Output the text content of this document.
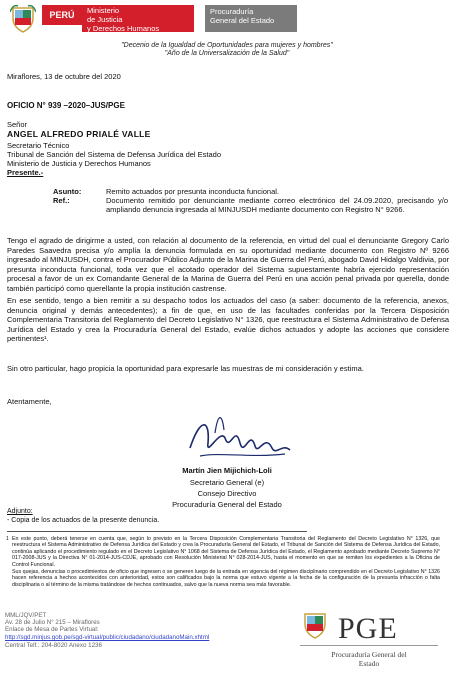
PERÚ	Ministerio
de Justicia
y Derechos Humanos
Procuraduría
General del Estado
"Decenio de la Igualdad de Oportunidades para mujeres y hombres"
"Año de la Universalización de la Salud"
Miraflores, 13 de octubre del 2020
OFICIO N° 939 –2020–JUS/PGE
Señor
ANGEL ALFREDO PRIALÉ VALLE
Secretario Técnico
Tribunal de Sanción del Sistema de Defensa Jurídica del Estado
Ministerio de Justicia y Derechos Humanos
Presente.-
Asunto:	Remito actuados por presunta inconducta funcional.
Ref.:	Documento remitido por denunciante mediante correo electrónico del 24.09.2020, precisando y/o ampliando denuncia ingresada al MINJUSDH mediante documento con Registro N° 9266.
Tengo el agrado de dirigirme a usted, con relación al documento de la referencia, en virtud del cual el denunciante Gregory Carlo Paredes Saavedra precisa y/o amplía la denuncia formulada en su oportunidad mediante documento con Registro Nº 9266 ingresado al MINJUSDH, contra el Procurador Público Adjunto de la Marina de Guerra del Perú, abogado David Hidalgo Valdivia, por presunta inconducta funcional, toda vez que el acotado operador del Sistema supuestamente habría ejercido representación procesal a favor de un ex Comandante General de la Marina de Guerra del Perú en una acción penal privada por querella, donde también participó como querellante la propia institución castrense.
En ese sentido, tengo a bien remitir a su despacho todos los actuados del caso (a saber: documento de la referencia, anexos, denuncia original y demás antecedentes); a fin de que, en uso de las facultades conferidas por la Tercera Disposición Complementaria Transitoria del Reglamento del Decreto Legislativo N° 1326, que reestructura el Sistema Administrativo de Defensa Jurídica del Estado y crea la Procuraduría General del Estado, evalúe dichos actuados y adopte las acciones que considere pertinentes¹.
Sin otro particular, hago propicia la oportunidad para expresarle las muestras de mi consideración y estima.
Atentamente,
Martín Jien Mijichich-Loli
Secretario General (e)
Consejo Directivo
Procuraduría General del Estado
Adjunto:
- Copia de los actuados de la presente denuncia.
1 En este punto, deberá tenerse en cuenta que, según lo previsto en la Tercera Disposición Complementaria Transitoria del Reglamento del Decreto Legislativo N° 1326, que reestructura el Sistema Administrativo de Defensa Jurídica del Estado y crea la Procuraduría General del Estado, el Tribunal de Sanción del Sistema de Defensa Jurídica del Estado, continúa aplicando el procedimiento regulado en el Decreto Legislativo N° 1068 del Sistema de Defensa Jurídica del Estado, el Reglamento aprobado mediante Decreto Supremo N° 017-2008-JUS y la Directiva N° 01-2014-JUS-CDJE, aprobado con Resolución Ministerial N° 028-2014-JUS, hasta el momento en que se remiten los expedientes a la Oficina de Control Funcional.
Sus quejas, denuncias o procedimientos de oficio que ingresen o se generen luego de la entrada en vigencia del régimen disciplinario comprendido en el Decreto Legislativo N° 1326 hacen referencia a hechos acontecidos con anterioridad, estos son calificados bajo la norma que estuvo vigente a la fecha de la configuración de la presunta infracción o falta disciplinaria o al término de la misma tratándose de hechos continuados, salvo que la nueva norma sea más favorable.
MML/JQV/PET
Av. 28 de Julio N° 215 – Miraflores
Enlace de Mesa de Partes Virtual:
http://sgd.minjus.gob.pe/sgd-virtual/public/ciudadano/ciudadanoMain.xhtml
Central Telf.: 204-8020 Anexo 1236
PGE
Procuraduría General del
Estado
